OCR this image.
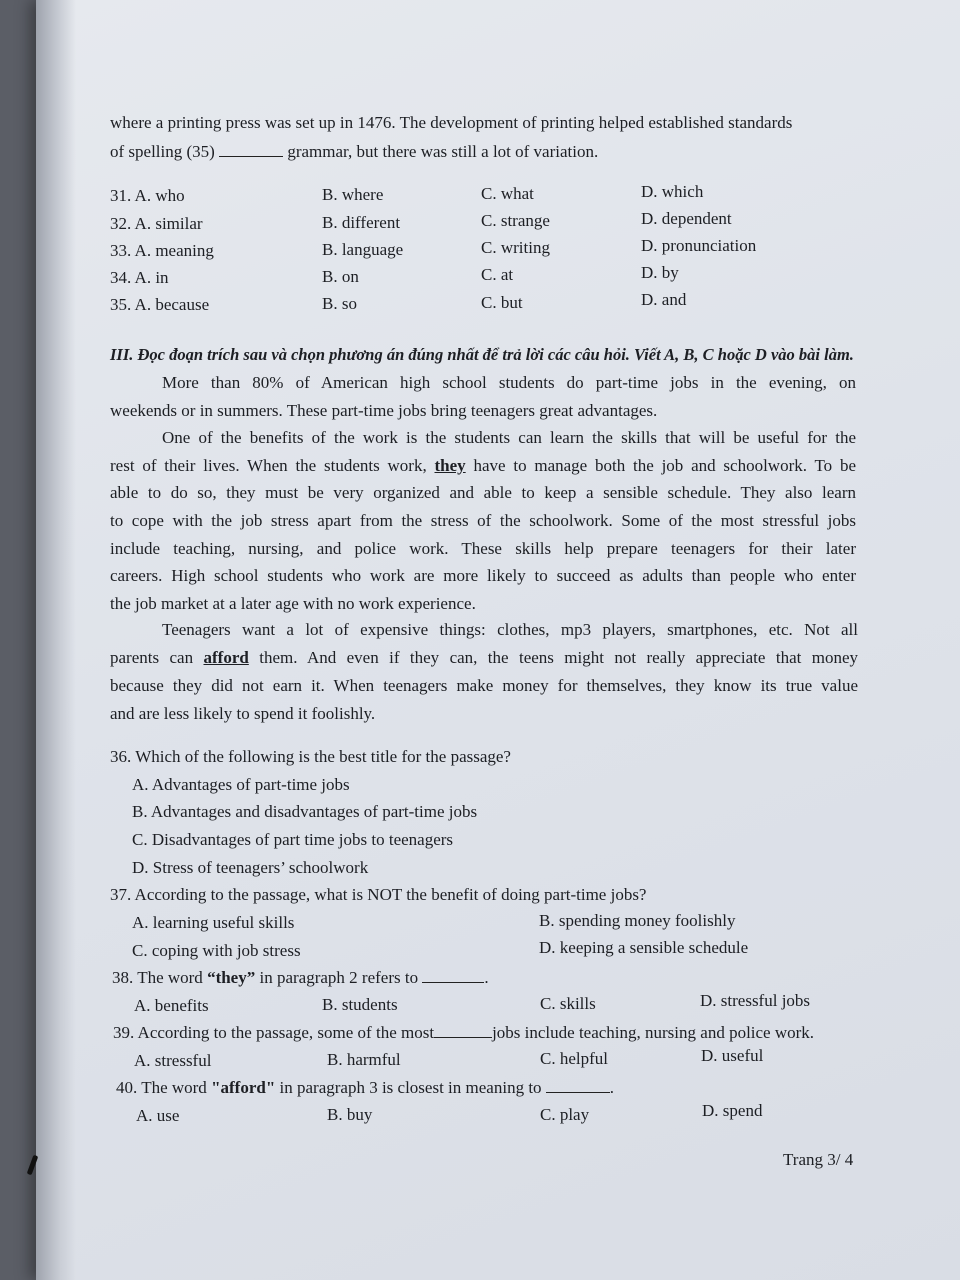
where a printing press was set up in 1476. The development of printing helped established standards
of spelling (35)	grammar, but there was still a lot of variation.
31. A. who	B. where	C. what	D. which
32. A. similar	B. different	C. strange	D. dependent
33. A. meaning	B. language	C. writing	D. pronunciation
34. A. in	B. on	C. at	D. by
35. A. because	B. so	C. but	D. and
III. Đọc đoạn trích sau và chọn phương án đúng nhất để trả lời các câu hỏi. Viết A, B, C hoặc D vào bài làm.
More than 80% of American high school students do part-time jobs in the evening, on
weekends or in summers. These part-time jobs bring teenagers great advantages.
One of the benefits of the work is the students can learn the skills that will be useful for the
rest of their lives. When the students work, they have to manage both the job and schoolwork. To be
able to do so, they must be very organized and able to keep a sensible schedule. They also learn
to cope with the job stress apart from the stress of the schoolwork. Some of the most stressful jobs
include teaching, nursing, and police work. These skills help prepare teenagers for their later
careers. High school students who work are more likely to succeed as adults than people who enter
the job market at a later age with no work experience.
Teenagers want a lot of expensive things: clothes, mp3 players, smartphones, etc. Not all
parents can afford them. And even if they can, the teens might not really appreciate that money
because they did not earn it. When teenagers make money for themselves, they know its true value
and are less likely to spend it foolishly.
36. Which of the following is the best title for the passage?
A. Advantages of part-time jobs
B. Advantages and disadvantages of part-time jobs
C. Disadvantages of part time jobs to teenagers
D. Stress of teenagers’ schoolwork
37. According to the passage, what is NOT the benefit of doing part-time jobs?
A. learning useful skills	B. spending money foolishly
C. coping with job stress	D. keeping a sensible schedule
38. The word “they” in paragraph 2 refers to	.
A. benefits	B. students	C. skills	D. stressful jobs
39. According to the passage, some of the most	jobs include teaching, nursing and police work.
A. stressful	B. harmful	C. helpful	D. useful
40. The word "afford" in paragraph 3 is closest in meaning to	.
A. use	B. buy	C. play	D. spend
Trang 3/ 4
